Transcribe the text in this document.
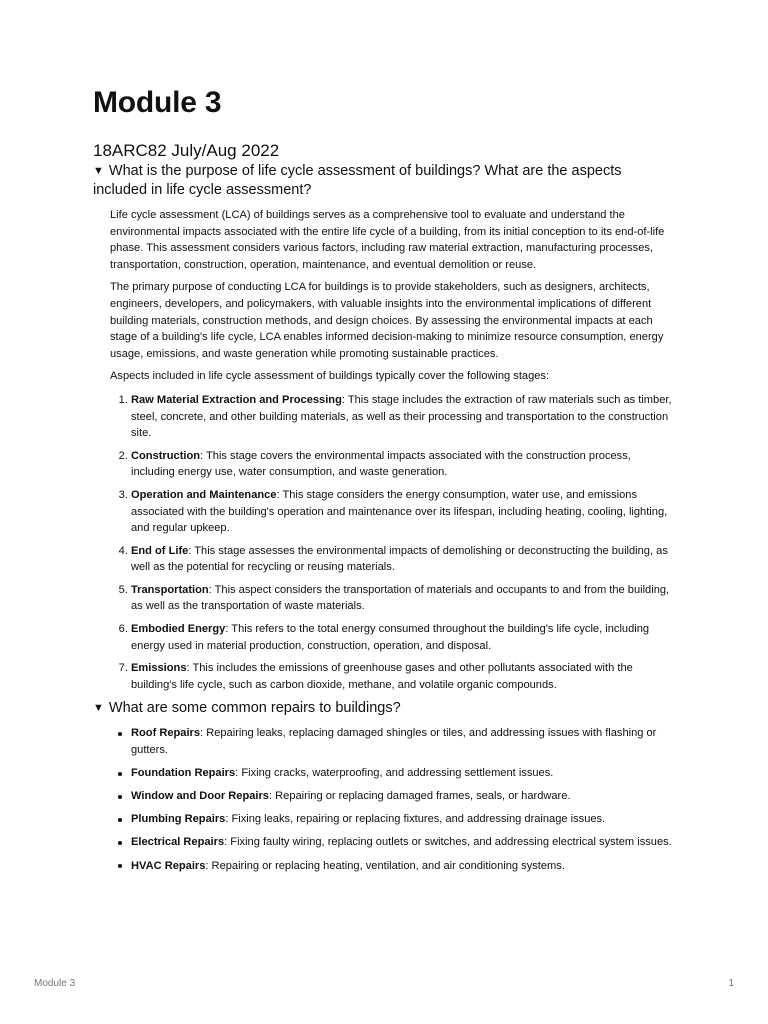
Module 3
18ARC82 July/Aug 2022
▼ What is the purpose of life cycle assessment of buildings? What are the aspects included in life cycle assessment?

Life cycle assessment (LCA) of buildings serves as a comprehensive tool to evaluate and understand the environmental impacts associated with the entire life cycle of a building, from its initial conception to its end-of-life phase. This assessment considers various factors, including raw material extraction, manufacturing processes, transportation, construction, operation, maintenance, and eventual demolition or reuse.

The primary purpose of conducting LCA for buildings is to provide stakeholders, such as designers, architects, engineers, developers, and policymakers, with valuable insights into the environmental implications of different building materials, construction methods, and design choices. By assessing the environmental impacts at each stage of a building's life cycle, LCA enables informed decision-making to minimize resource consumption, energy usage, emissions, and waste generation while promoting sustainable practices.

Aspects included in life cycle assessment of buildings typically cover the following stages:

1. Raw Material Extraction and Processing: This stage includes the extraction of raw materials such as timber, steel, concrete, and other building materials, as well as their processing and transportation to the construction site.
2. Construction: This stage covers the environmental impacts associated with the construction process, including energy use, water consumption, and waste generation.
3. Operation and Maintenance: This stage considers the energy consumption, water use, and emissions associated with the building's operation and maintenance over its lifespan, including heating, cooling, lighting, and regular upkeep.
4. End of Life: This stage assesses the environmental impacts of demolishing or deconstructing the building, as well as the potential for recycling or reusing materials.
5. Transportation: This aspect considers the transportation of materials and occupants to and from the building, as well as the transportation of waste materials.
6. Embodied Energy: This refers to the total energy consumed throughout the building's life cycle, including energy used in material production, construction, operation, and disposal.
7. Emissions: This includes the emissions of greenhouse gases and other pollutants associated with the building's life cycle, such as carbon dioxide, methane, and volatile organic compounds.
▼ What are some common repairs to buildings?
Roof Repairs: Repairing leaks, replacing damaged shingles or tiles, and addressing issues with flashing or gutters.
Foundation Repairs: Fixing cracks, waterproofing, and addressing settlement issues.
Window and Door Repairs: Repairing or replacing damaged frames, seals, or hardware.
Plumbing Repairs: Fixing leaks, repairing or replacing fixtures, and addressing drainage issues.
Electrical Repairs: Fixing faulty wiring, replacing outlets or switches, and addressing electrical system issues.
HVAC Repairs: Repairing or replacing heating, ventilation, and air conditioning systems.
Module 3	1
